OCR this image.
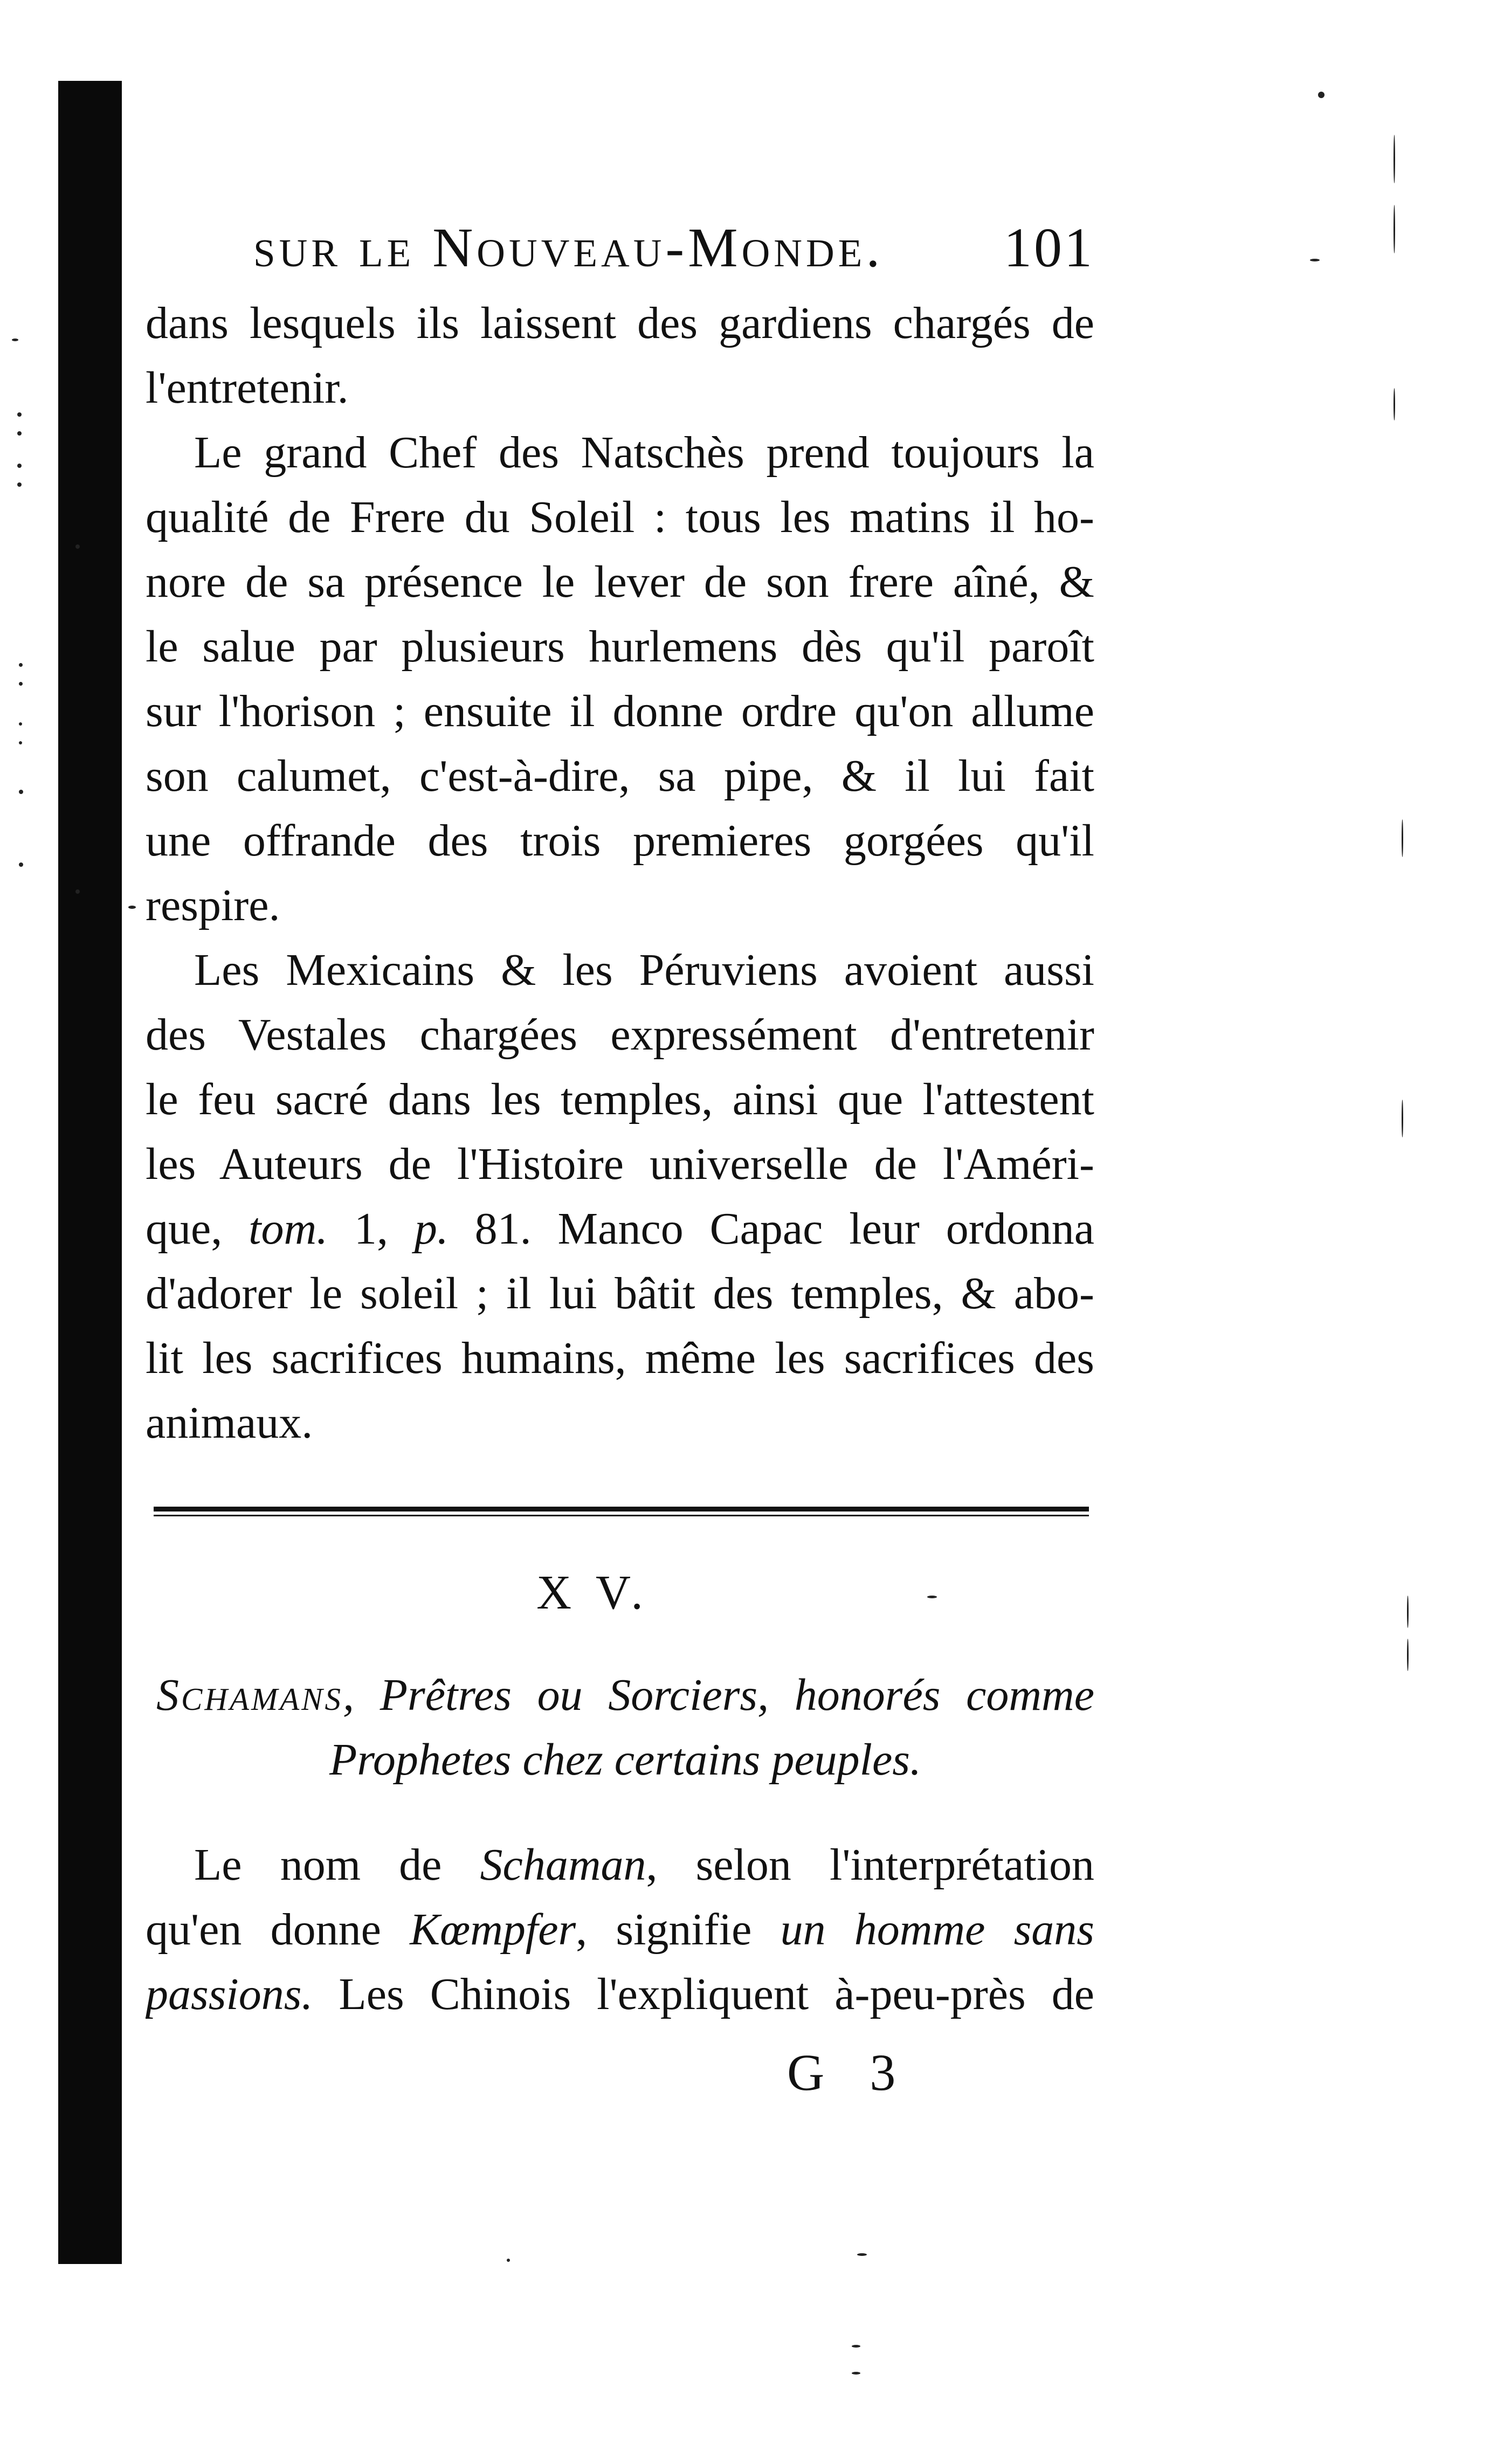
sur le Nouveau-Monde. 101
dans lesquels ils laissent des gardiens chargés de
l'entretenir.
Le grand Chef des Natschès prend toujours la
qualité de Frere du Soleil : tous les matins il ho-
nore de sa présence le lever de son frere aîné, &
le salue par plusieurs hurlemens dès qu'il paroît
sur l'horison ; ensuite il donne ordre qu'on allume
son calumet, c'est-à-dire, sa pipe, & il lui fait
une offrande des trois premieres gorgées qu'il
respire.
Les Mexicains & les Péruviens avoient aussi
des Vestales chargées expressément d'entretenir
le feu sacré dans les temples, ainsi que l'attestent
les Auteurs de l'Histoire universelle de l'Améri-
que, tom. 1, p. 81. Manco Capac leur ordonna
d'adorer le soleil ; il lui bâtit des temples, & abo-
lit les sacrifices humains, même les sacrifices des
animaux.
X V.
Schamans, Prêtres ou Sorciers, honorés comme
Prophetes chez certains peuples.
Le nom de Schaman, selon l'interprétation
qu'en donne Kœmpfer, signifie un homme sans
passions. Les Chinois l'expliquent à-peu-près de
G 3
